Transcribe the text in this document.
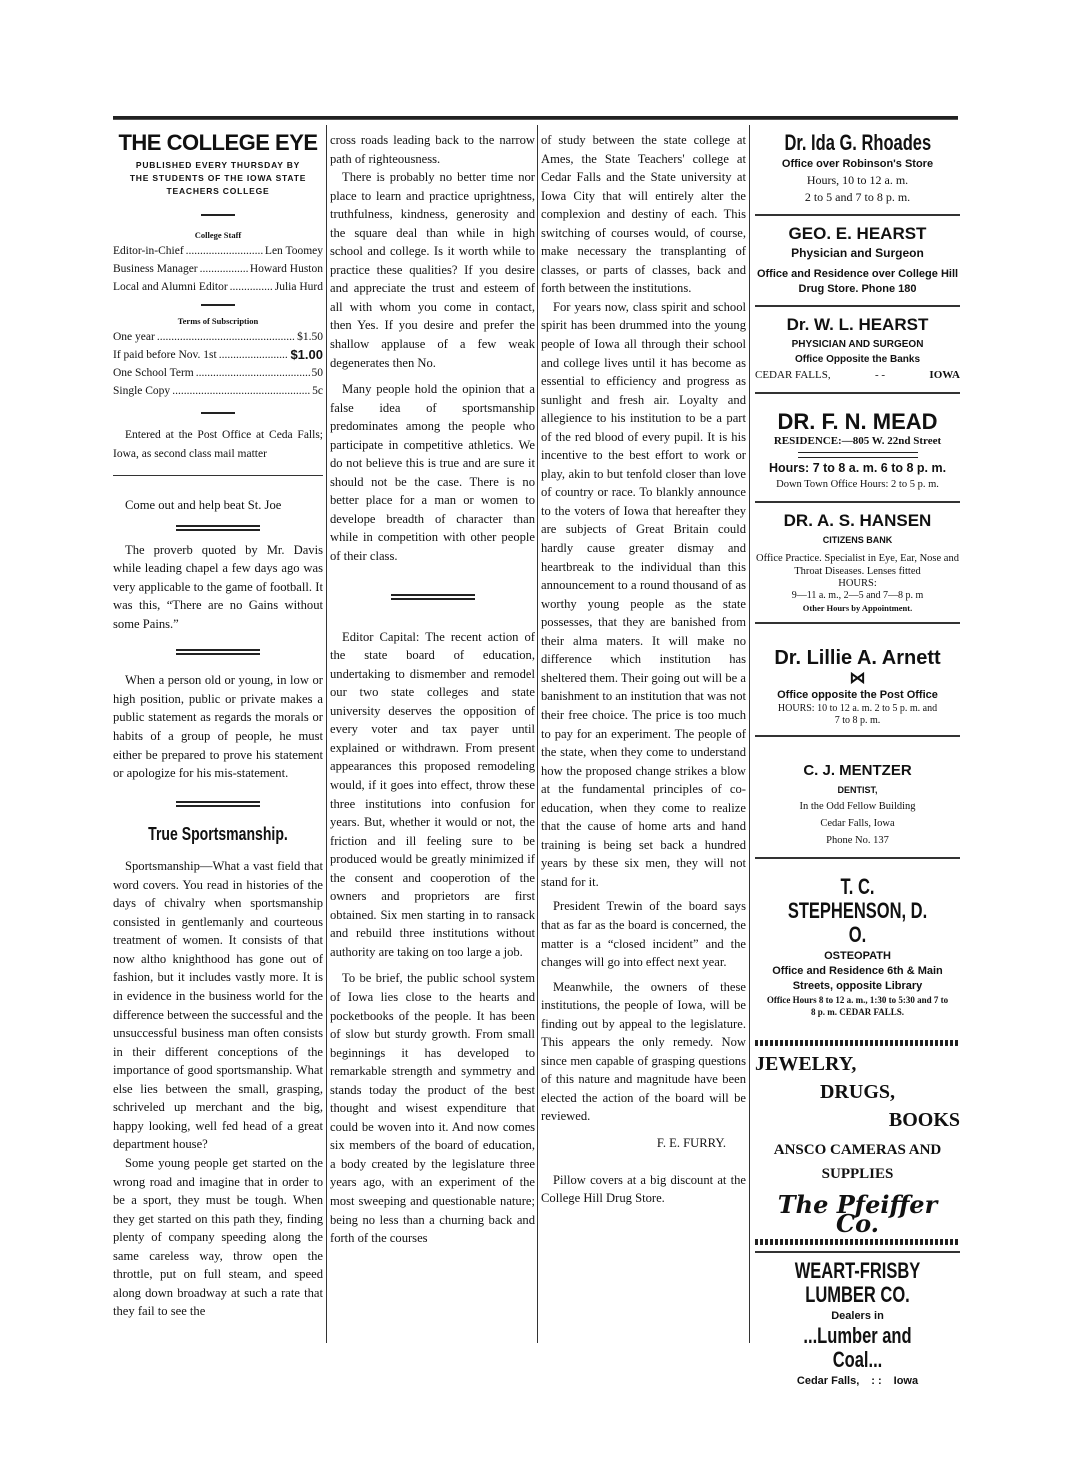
THE COLLEGE EYE
PUBLISHED EVERY THURSDAY BY
THE STUDENTS OF THE IOWA STATE
TEACHERS COLLEGE
College Staff
Editor-in-Chief .....	Len Toomey
Business Manager .....	Howard Huston
Local and Alumni Editor .....	Julia Hurd
Terms of Subscription
One year .....	$1.50
If paid before Nov. 1st .....	$1.00
One School Term .....	50
Single Copy .....	5c

Entered at the Post Office at Ceda Falls; Iowa, as second class mail matter

Come out and help beat St. Joe

The proverb quoted by Mr. Davis while leading chapel a few days ago was very applicable to the game of football. It was this, “There are no Gains without some Pains.”

When a person old or young, in low or high position, public or private makes a public statement as regards the morals or habits of a group of people, he must either be prepared to prove his statement or apologize for his mis-statement.

True Sportsmanship.

Sportsmanship—What a vast field that word covers. You read in histories of the days of chivalry when sportsmanship consisted in gentlemanly and courteous treatment of women. It consists of that now altho knighthood has gone out of fashion, but it includes vastly more. It is in evidence in the business world for the difference between the successful and the unsuccessful business man often consists in their different conceptions of the importance of good sportsmanship. What else lies between the small, grasping, schriveled up merchant and the big, happy looking, well fed head of a great department house?

Some young people get started on the wrong road and imagine that in order to be a sport, they must be tough. When they get started on this path they, finding plenty of company speeding along the same careless way, throw open the throttle, put on full steam, and speed along down broadway at such a rate that they fail to see the

cross roads leading back to the narrow path of righteousness.

There is probably no better time nor place to learn and practice uprightness, truthfulness, kindness, generosity and the square deal than while in high school and college. Is it worth while to practice these qualities? If you desire and appreciate the trust and esteem of all with whom you come in contact, then Yes. If you desire and prefer the shallow applause of a few weak degenerates then No.

Many people hold the opinion that a false idea of sportsmanship predominates among the people who participate in competitive athletics. We do not believe this is true and are sure it should not be the case. There is no better place for a man or women to develope breadth of character than while in competition with other people of their class.

Editor Capital: The recent action of the state board of education, undertaking to dismember and remodel our two state colleges and state university deserves the opposition of every voter and tax payer until explained or withdrawn. From present appearances this proposed remodeling would, if it goes into effect, throw these three institutions into confusion for years. But, whether it would or not, the friction and ill feeling sure to be produced would be greatly minimized if the consent and cooperotion of the owners and proprietors are first obtained. Six men starting in to ransack and rebuild three institutions without authority are taking on too large a job.

To be brief, the public school system of Iowa lies close to the hearts and pocketbooks of the people. It has been of slow but sturdy growth. From small beginnings it has developed to remarkable strength and symmetry and stands today the product of the best thought and wisest expenditure that could be woven into it. And now comes six members of the board of education, a body created by the legislature three years ago, with an experiment of the most sweeping and questionable nature; being no less than a churning back and forth of the courses

of study between the state college at Ames, the State Teachers' college at Cedar Falls and the State university at Iowa City that will entirely alter the complexion and destiny of each. This switching of courses would, of course, make necessary the transplanting of classes, or parts of classes, back and forth between the institutions.

For years now, class spirit and school spirit has been drummed into the young people of Iowa all through their school and college lives until it has become as essential to efficiency and progress as sunlight and fresh air. Loyalty and allegience to his institution to be a part of the red blood of every pupil. It is his incentive to the best effort to work or play, akin to but tenfold closer than love of country or race. To blankly announce to the voters of Iowa that hereafter they are subjects of Great Britain could hardly cause greater dismay and heartbreak to the individual than this announcement to a round thousand of as worthy young people as the state possesses, that they are banished from their alma maters. It will make no difference which institution has sheltered them. Their going out will be a banishment to an institution that was not their free choice. The price is too much to pay for an experiment. The people of the state, when they come to understand how the proposed change strikes a blow at the fundamental principles of co-education, when they come to realize that the cause of home arts and hand training is being set back a hundred years by these six men, they will not stand for it.

President Trewin of the board says that as far as the board is concerned, the matter is a “closed incident” and the changes will go into effect next year.

Meanwhile, the owners of these institutions, the people of Iowa, will be finding out by appeal to the legislature. This appears the only remedy. Now since men capable of grasping questions of this nature and magnitude have been elected the action of the board will be reviewed.

F. E. FURRY.

Pillow covers at a big discount at the College Hill Drug Store.

Dr. Ida G. Rhoades
Office over Robinson's Store
Hours, 10 to 12 a. m.
2 to 5 and 7 to 8 p. m.
GEO. E. HEARST
Physician and Surgeon
Office and Residence over College Hill Drug Store. Phone 180
Dr. W. L. HEARST
PHYSICIAN AND SURGEON
Office Opposite the Banks
CEDAR FALLS,	- -	IOWA
DR. F. N. MEAD
RESIDENCE:—805 W. 22nd Street
Hours: 7 to 8 a. m. 6 to 8 p. m.
Down Town Office Hours: 2 to 5 p. m.
DR. A. S. HANSEN
CITIZENS BANK
Office Practice. Specialist in Eye, Ear, Nose and Throat Diseases. Lenses fitted
HOURS:
9—11 a. m., 2—5 and 7—8 p. m
Other Hours by Appointment.
Dr. Lillie A. Arnett
⋈
Office opposite the Post Office
HOURS: 10 to 12 a. m. 2 to 5 p. m. and 7 to 8 p. m.
C. J. MENTZER
DENTIST,
In the Odd Fellow Building
Cedar Falls, Iowa
Phone No. 137
T. C. STEPHENSON, D. O.
OSTEOPATH
Office and Residence 6th & Main Streets, opposite Library
Office Hours 8 to 12 a. m., 1:30 to 5:30 and 7 to 8 p. m. CEDAR FALLS.
JEWELRY,
DRUGS,
BOOKS
ANSCO CAMERAS AND SUPPLIES
The Pfeiffer Co.
WEART-FRISBY LUMBER CO.
Dealers in
...Lumber and Coal...
Cedar Falls, : : Iowa
